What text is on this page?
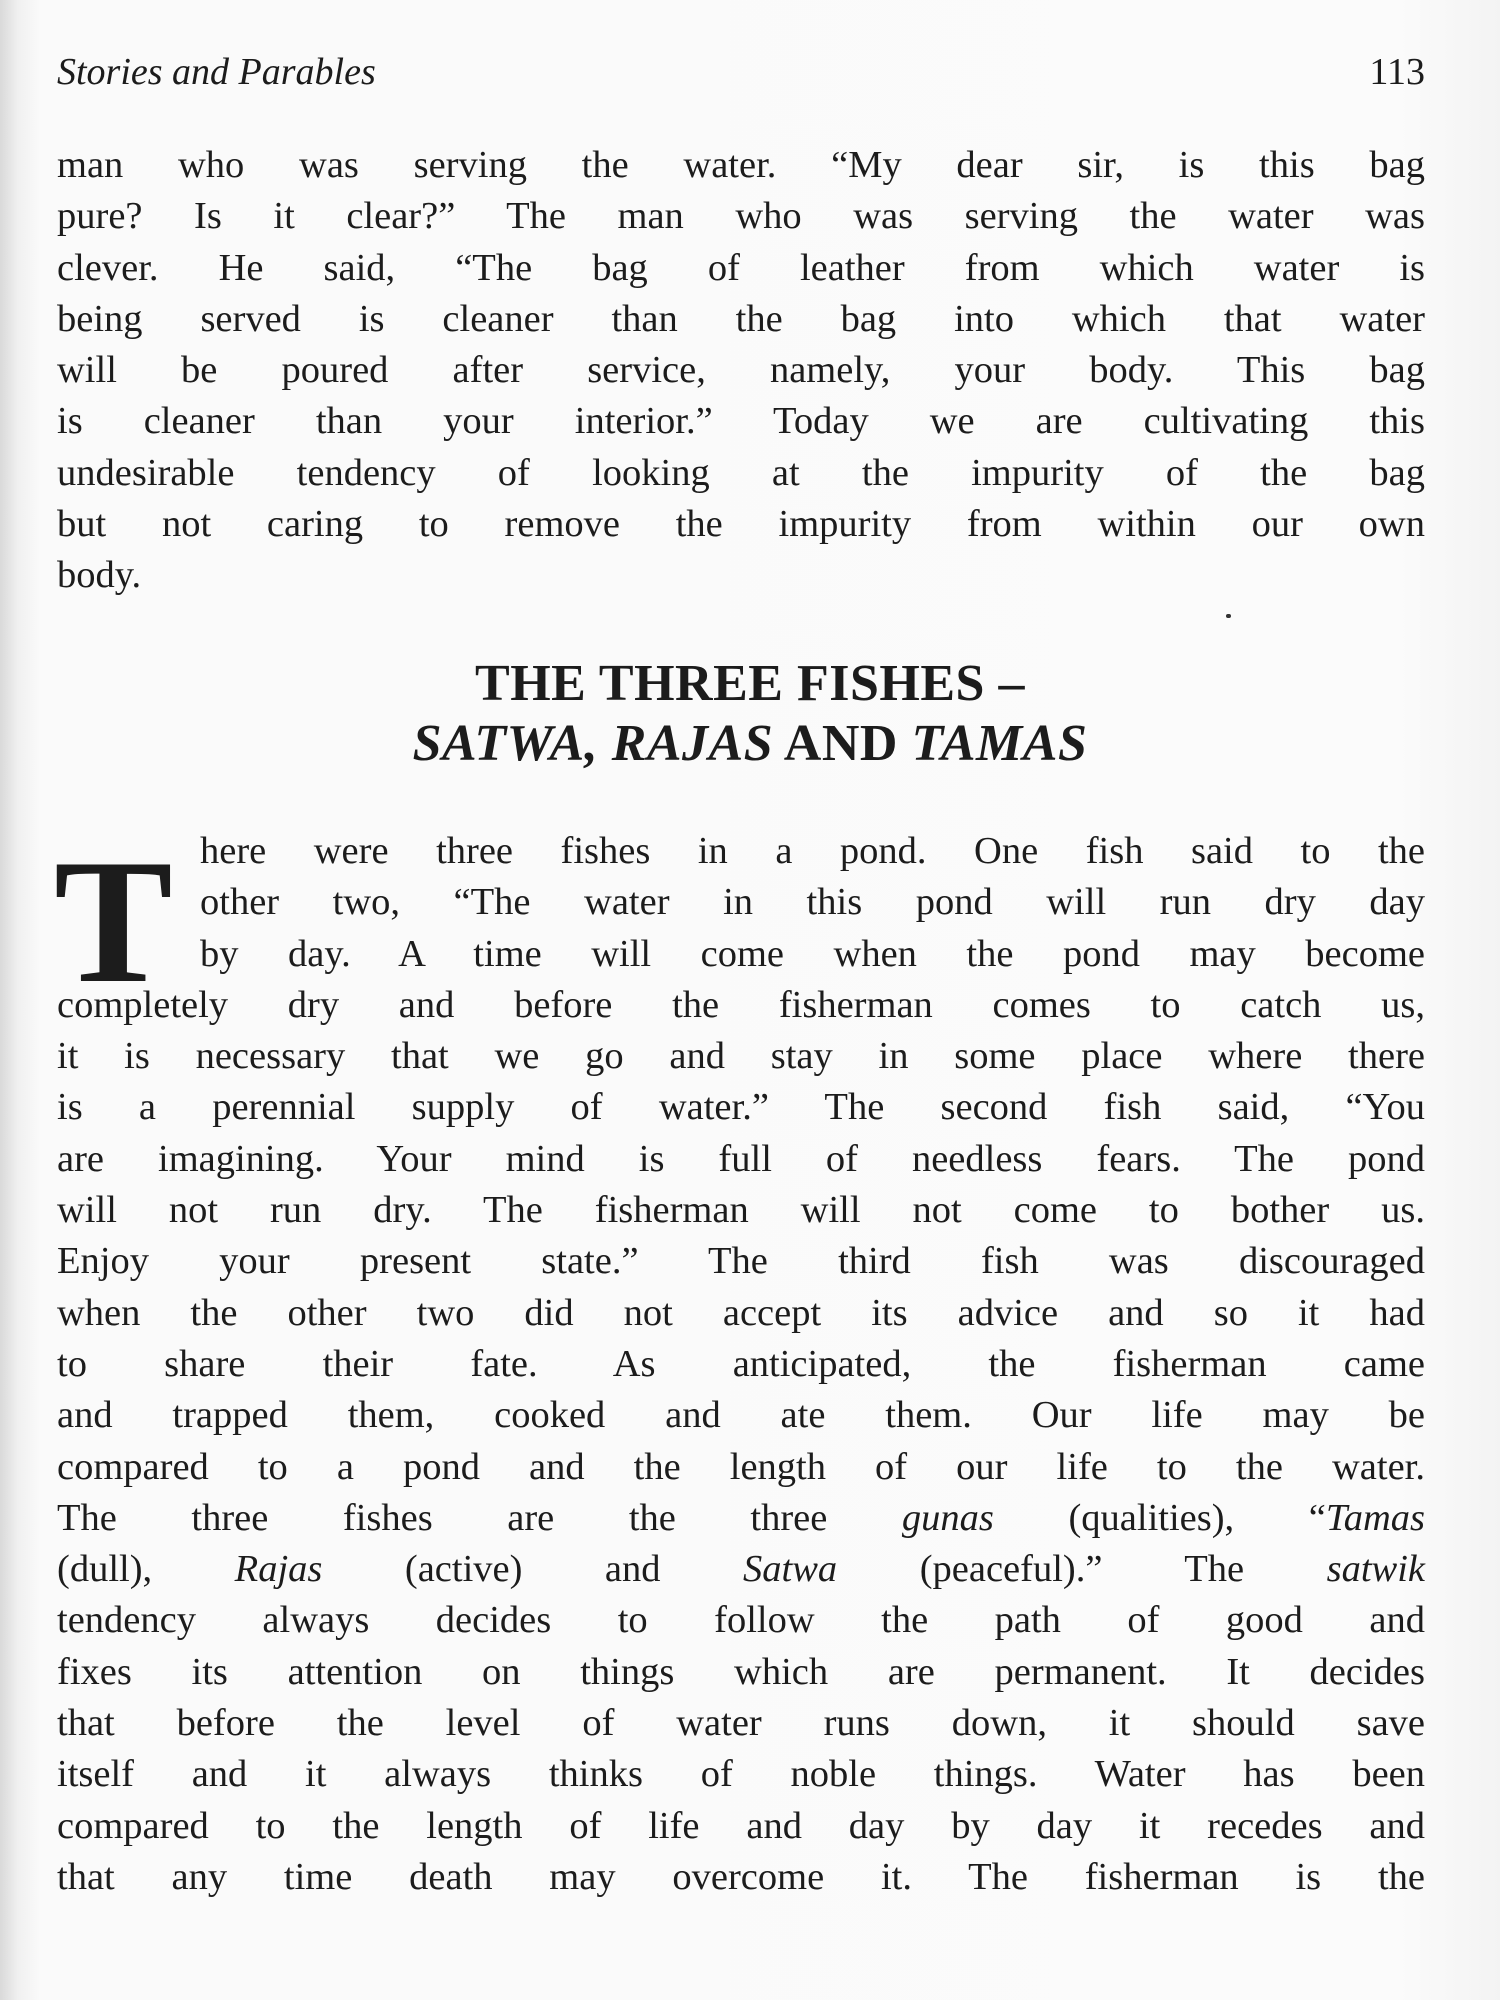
Stories and Parables	113
man who was serving the water. “My dear sir, is this bag
pure? Is it clear?” The man who was serving the water was
clever. He said, “The bag of leather from which water is
being served is cleaner than the bag into which that water
will be poured after service, namely, your body. This bag
is cleaner than your interior.” Today we are cultivating this
undesirable tendency of looking at the impurity of the bag
but not caring to remove the impurity from within our own
body.
THE THREE FISHES –
SATWA, RAJAS AND TAMAS
T here were three fishes in a pond. One fish said to the
other two, “The water in this pond will run dry day
by day. A time will come when the pond may become
completely dry and before the fisherman comes to catch us,
it is necessary that we go and stay in some place where there
is a perennial supply of water.” The second fish said, “You
are imagining. Your mind is full of needless fears. The pond
will not run dry. The fisherman will not come to bother us.
Enjoy your present state.” The third fish was discouraged
when the other two did not accept its advice and so it had
to share their fate. As anticipated, the fisherman came
and trapped them, cooked and ate them. Our life may be
compared to a pond and the length of our life to the water.
The three fishes are the three gunas (qualities), “Tamas
(dull), Rajas (active) and Satwa (peaceful).” The satwik
tendency always decides to follow the path of good and
fixes its attention on things which are permanent. It decides
that before the level of water runs down, it should save
itself and it always thinks of noble things. Water has been
compared to the length of life and day by day it recedes and
that any time death may overcome it. The fisherman is the
